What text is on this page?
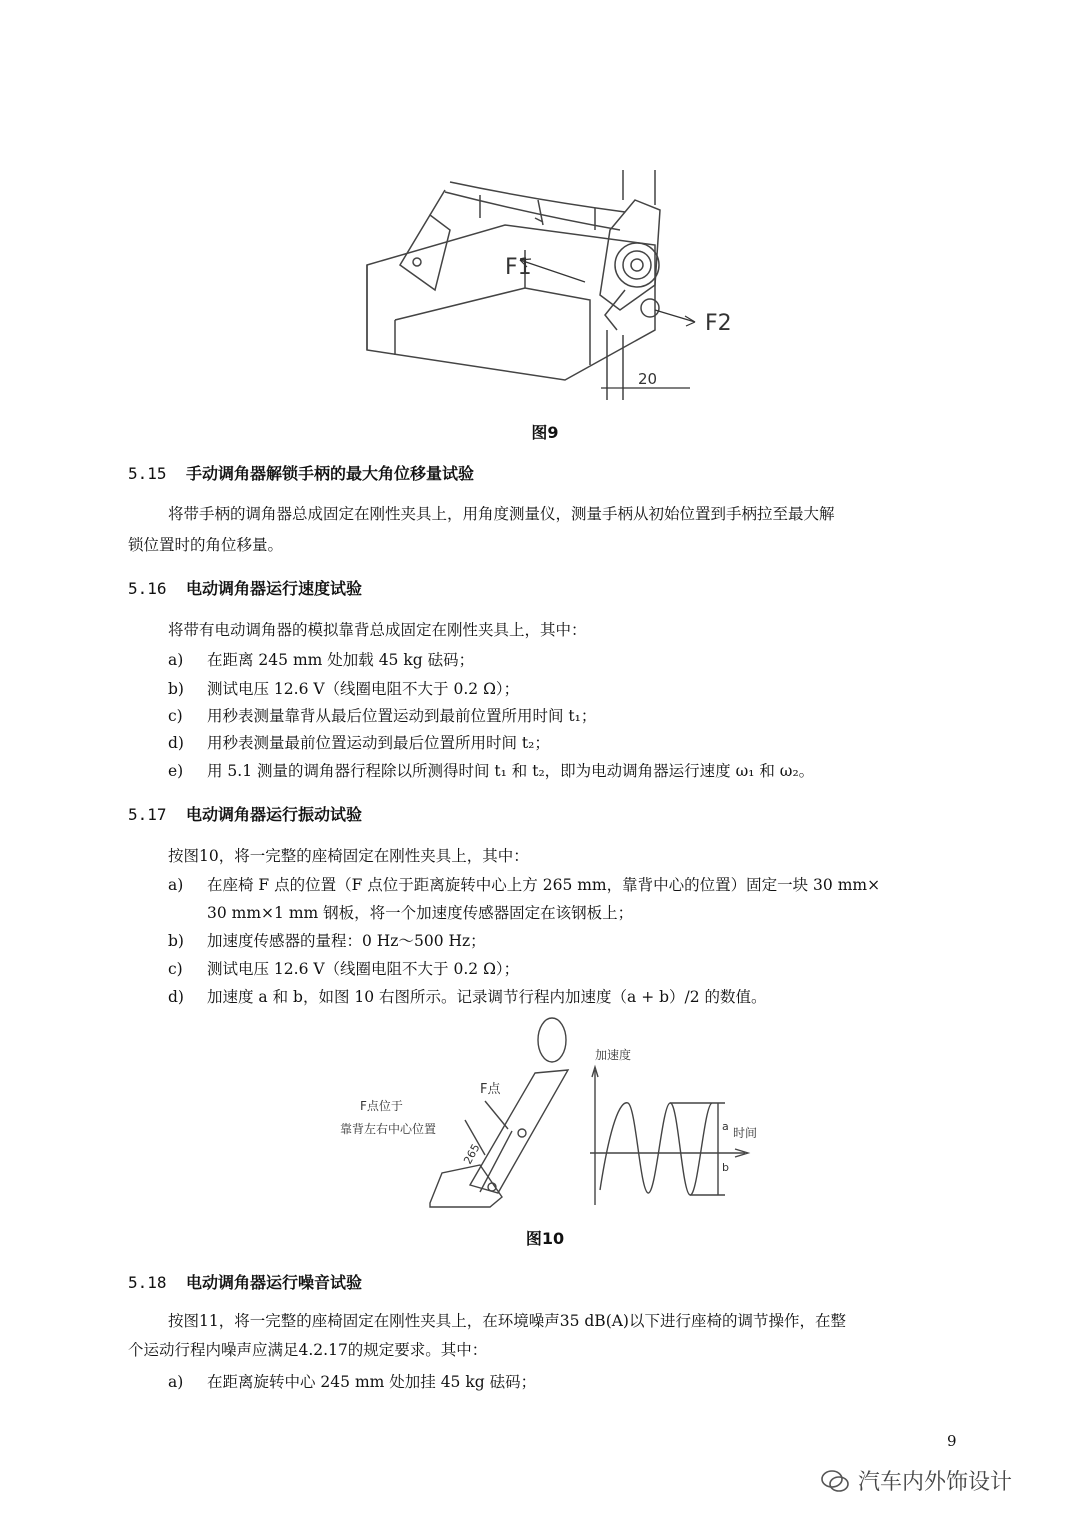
F1
F2
20
图9
5.15 手动调角器解锁手柄的最大角位移量试验
将带手柄的调角器总成固定在刚性夹具上，用角度测量仪，测量手柄从初始位置到手柄拉至最大解
锁位置时的角位移量。
5.16 电动调角器运行速度试验
将带有电动调角器的模拟靠背总成固定在刚性夹具上，其中：
a) 在距离 245 mm 处加载 45 kg 砝码；
b) 测试电压 12.6 V（线圈电阻不大于 0.2 Ω）；
c) 用秒表测量靠背从最后位置运动到最前位置所用时间 t₁；
d) 用秒表测量最前位置运动到最后位置所用时间 t₂；
e) 用 5.1 测量的调角器行程除以所测得时间 t₁ 和 t₂，即为电动调角器运行速度 ω₁ 和 ω₂。
5.17 电动调角器运行振动试验
按图10，将一完整的座椅固定在刚性夹具上，其中：
a) 在座椅 F 点的位置（F 点位于距离旋转中心上方 265 mm，靠背中心的位置）固定一块 30 mm×
30 mm×1 mm 钢板，将一个加速度传感器固定在该钢板上；
b) 加速度传感器的量程：0 Hz～500 Hz；
c) 测试电压 12.6 V（线圈电阻不大于 0.2 Ω）；
d) 加速度 a 和 b，如图 10 右图所示。记录调节行程内加速度（a + b）/2 的数值。
F点
F点位于
靠背左右中心位置
265
加速度
时间
a
b
图10
5.18 电动调角器运行噪音试验
按图11，将一完整的座椅固定在刚性夹具上，在环境噪声35 dB(A)以下进行座椅的调节操作，在整
个运动行程内噪声应满足4.2.17的规定要求。其中：
a) 在距离旋转中心 245 mm 处加挂 45 kg 砝码；
9
汽车内外饰设计
